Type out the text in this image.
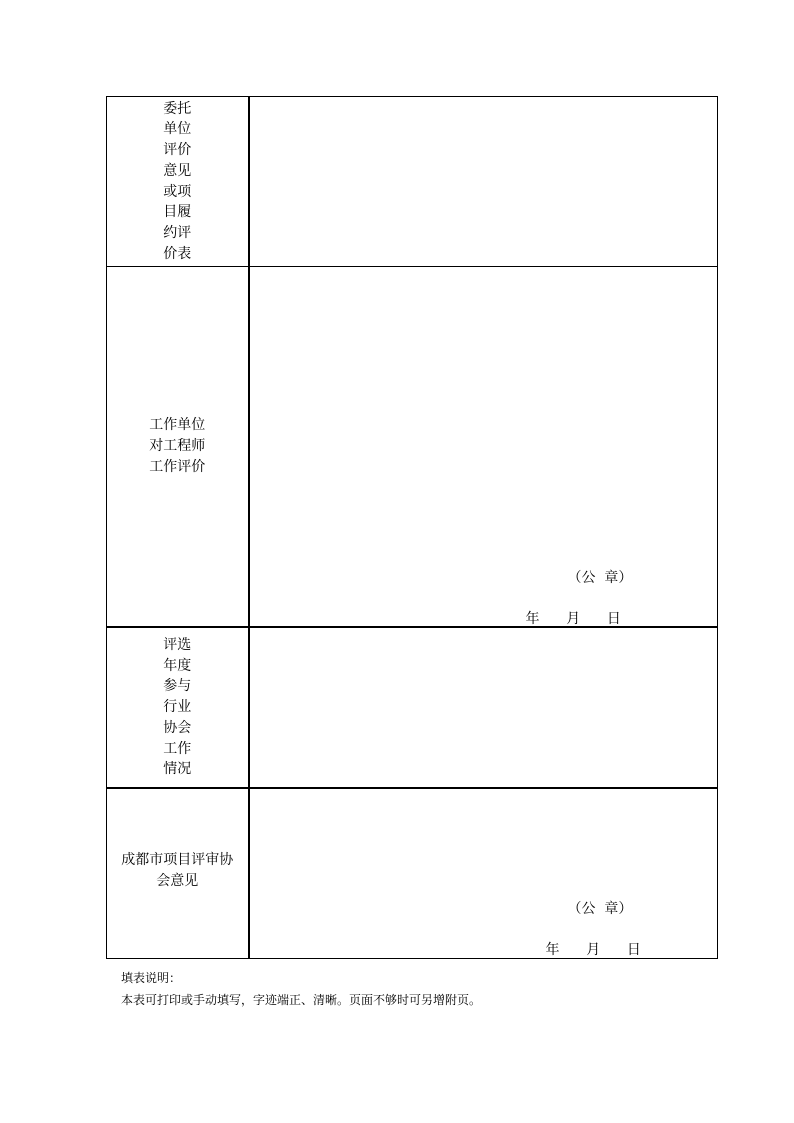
委托单位评价意见或项目履约评价表	

工作单位对工程师工作评价	（公  章）
年      月      日

评选年度参与行业协会工作情况	

成都市项目评审协会意见	（公  章）
年      月      日
填表说明：
本表可打印或手动填写，字迹端正、清晰。页面不够时可另增附页。
